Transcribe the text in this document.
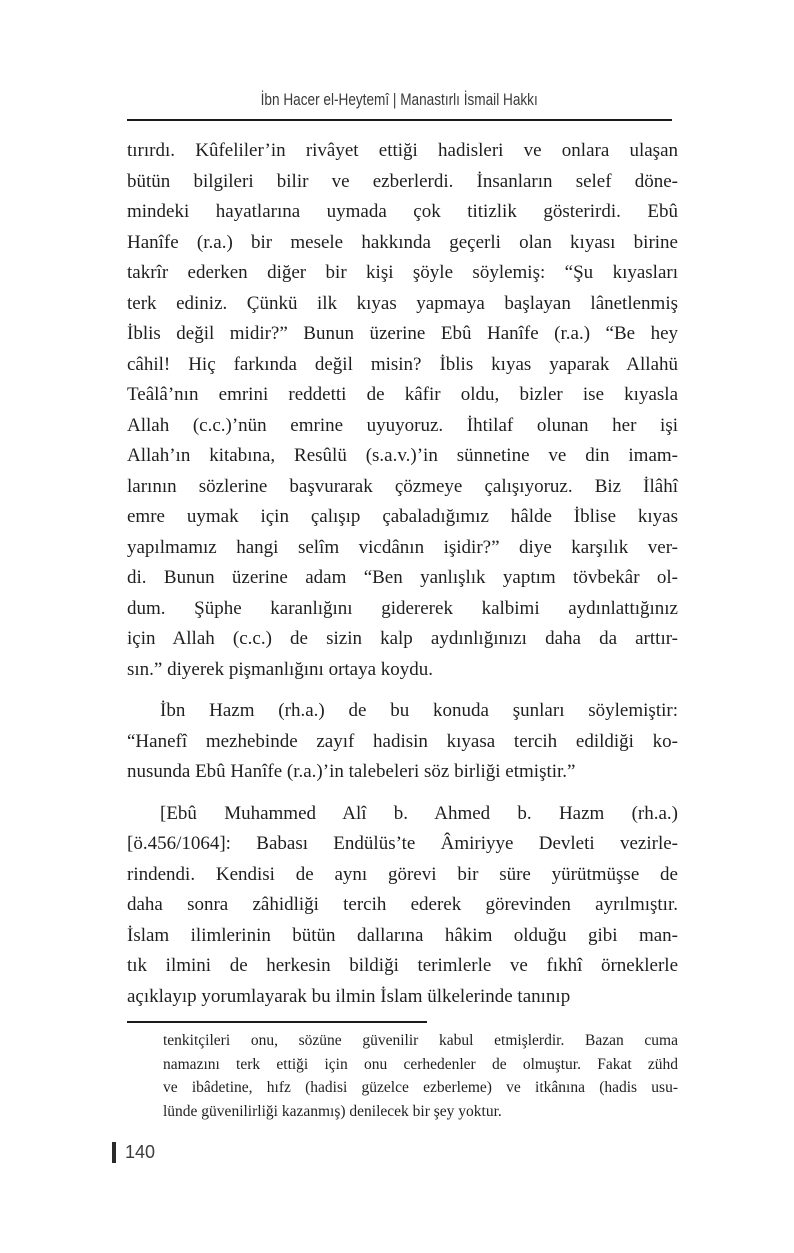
İbn Hacer el-Heytemî | Manastırlı İsmail Hakkı
tırırdı. Kûfeliler’in rivâyet ettiği hadisleri ve onlara ulaşan
bütün bilgileri bilir ve ezberlerdi. İnsanların selef döne-
mindeki hayatlarına uymada çok titizlik gösterirdi. Ebû
Hanîfe (r.a.) bir mesele hakkında geçerli olan kıyası birine
takrîr ederken diğer bir kişi şöyle söylemiş: “Şu kıyasları
terk ediniz. Çünkü ilk kıyas yapmaya başlayan lânetlenmiş
İblis değil midir?” Bunun üzerine Ebû Hanîfe (r.a.) “Be hey
câhil! Hiç farkında değil misin? İblis kıyas yaparak Allahü
Teâlâ’nın emrini reddetti de kâfir oldu, bizler ise kıyasla
Allah (c.c.)’nün emrine uyuyoruz. İhtilaf olunan her işi
Allah’ın kitabına, Resûlü (s.a.v.)’in sünnetine ve din imam-
larının sözlerine başvurarak çözmeye çalışıyoruz. Biz İlâhî
emre uymak için çalışıp çabaladığımız hâlde İblise kıyas
yapılmamız hangi selîm vicdânın işidir?” diye karşılık ver-
di. Bunun üzerine adam “Ben yanlışlık yaptım tövbekâr ol-
dum. Şüphe karanlığını gidererek kalbimi aydınlattığınız
için Allah (c.c.) de sizin kalp aydınlığınızı daha da arttır-
sın.” diyerek pişmanlığını ortaya koydu.
İbn Hazm (rh.a.) de bu konuda şunları söylemiştir:
“Hanefî mezhebinde zayıf hadisin kıyasa tercih edildiği ko-
nusunda Ebû Hanîfe (r.a.)’in talebeleri söz birliği etmiştir.”
[Ebû Muhammed Alî b. Ahmed b. Hazm (rh.a.)
[ö.456/1064]: Babası Endülüs’te Âmiriyye Devleti vezirle-
rindendi. Kendisi de aynı görevi bir süre yürütmüşse de
daha sonra zâhidliği tercih ederek görevinden ayrılmıştır.
İslam ilimlerinin bütün dallarına hâkim olduğu gibi man-
tık ilmini de herkesin bildiği terimlerle ve fıkhî örneklerle
açıklayıp yorumlayarak bu ilmin İslam ülkelerinde tanınıp
tenkitçileri onu, sözüne güvenilir kabul etmişlerdir. Bazan cuma
namazını terk ettiği için onu cerhedenler de olmuştur. Fakat zühd
ve ibâdetine, hıfz (hadisi güzelce ezberleme) ve itkânına (hadis usu-
lünde güvenilirliği kazanmış) denilecek bir şey yoktur.
140
